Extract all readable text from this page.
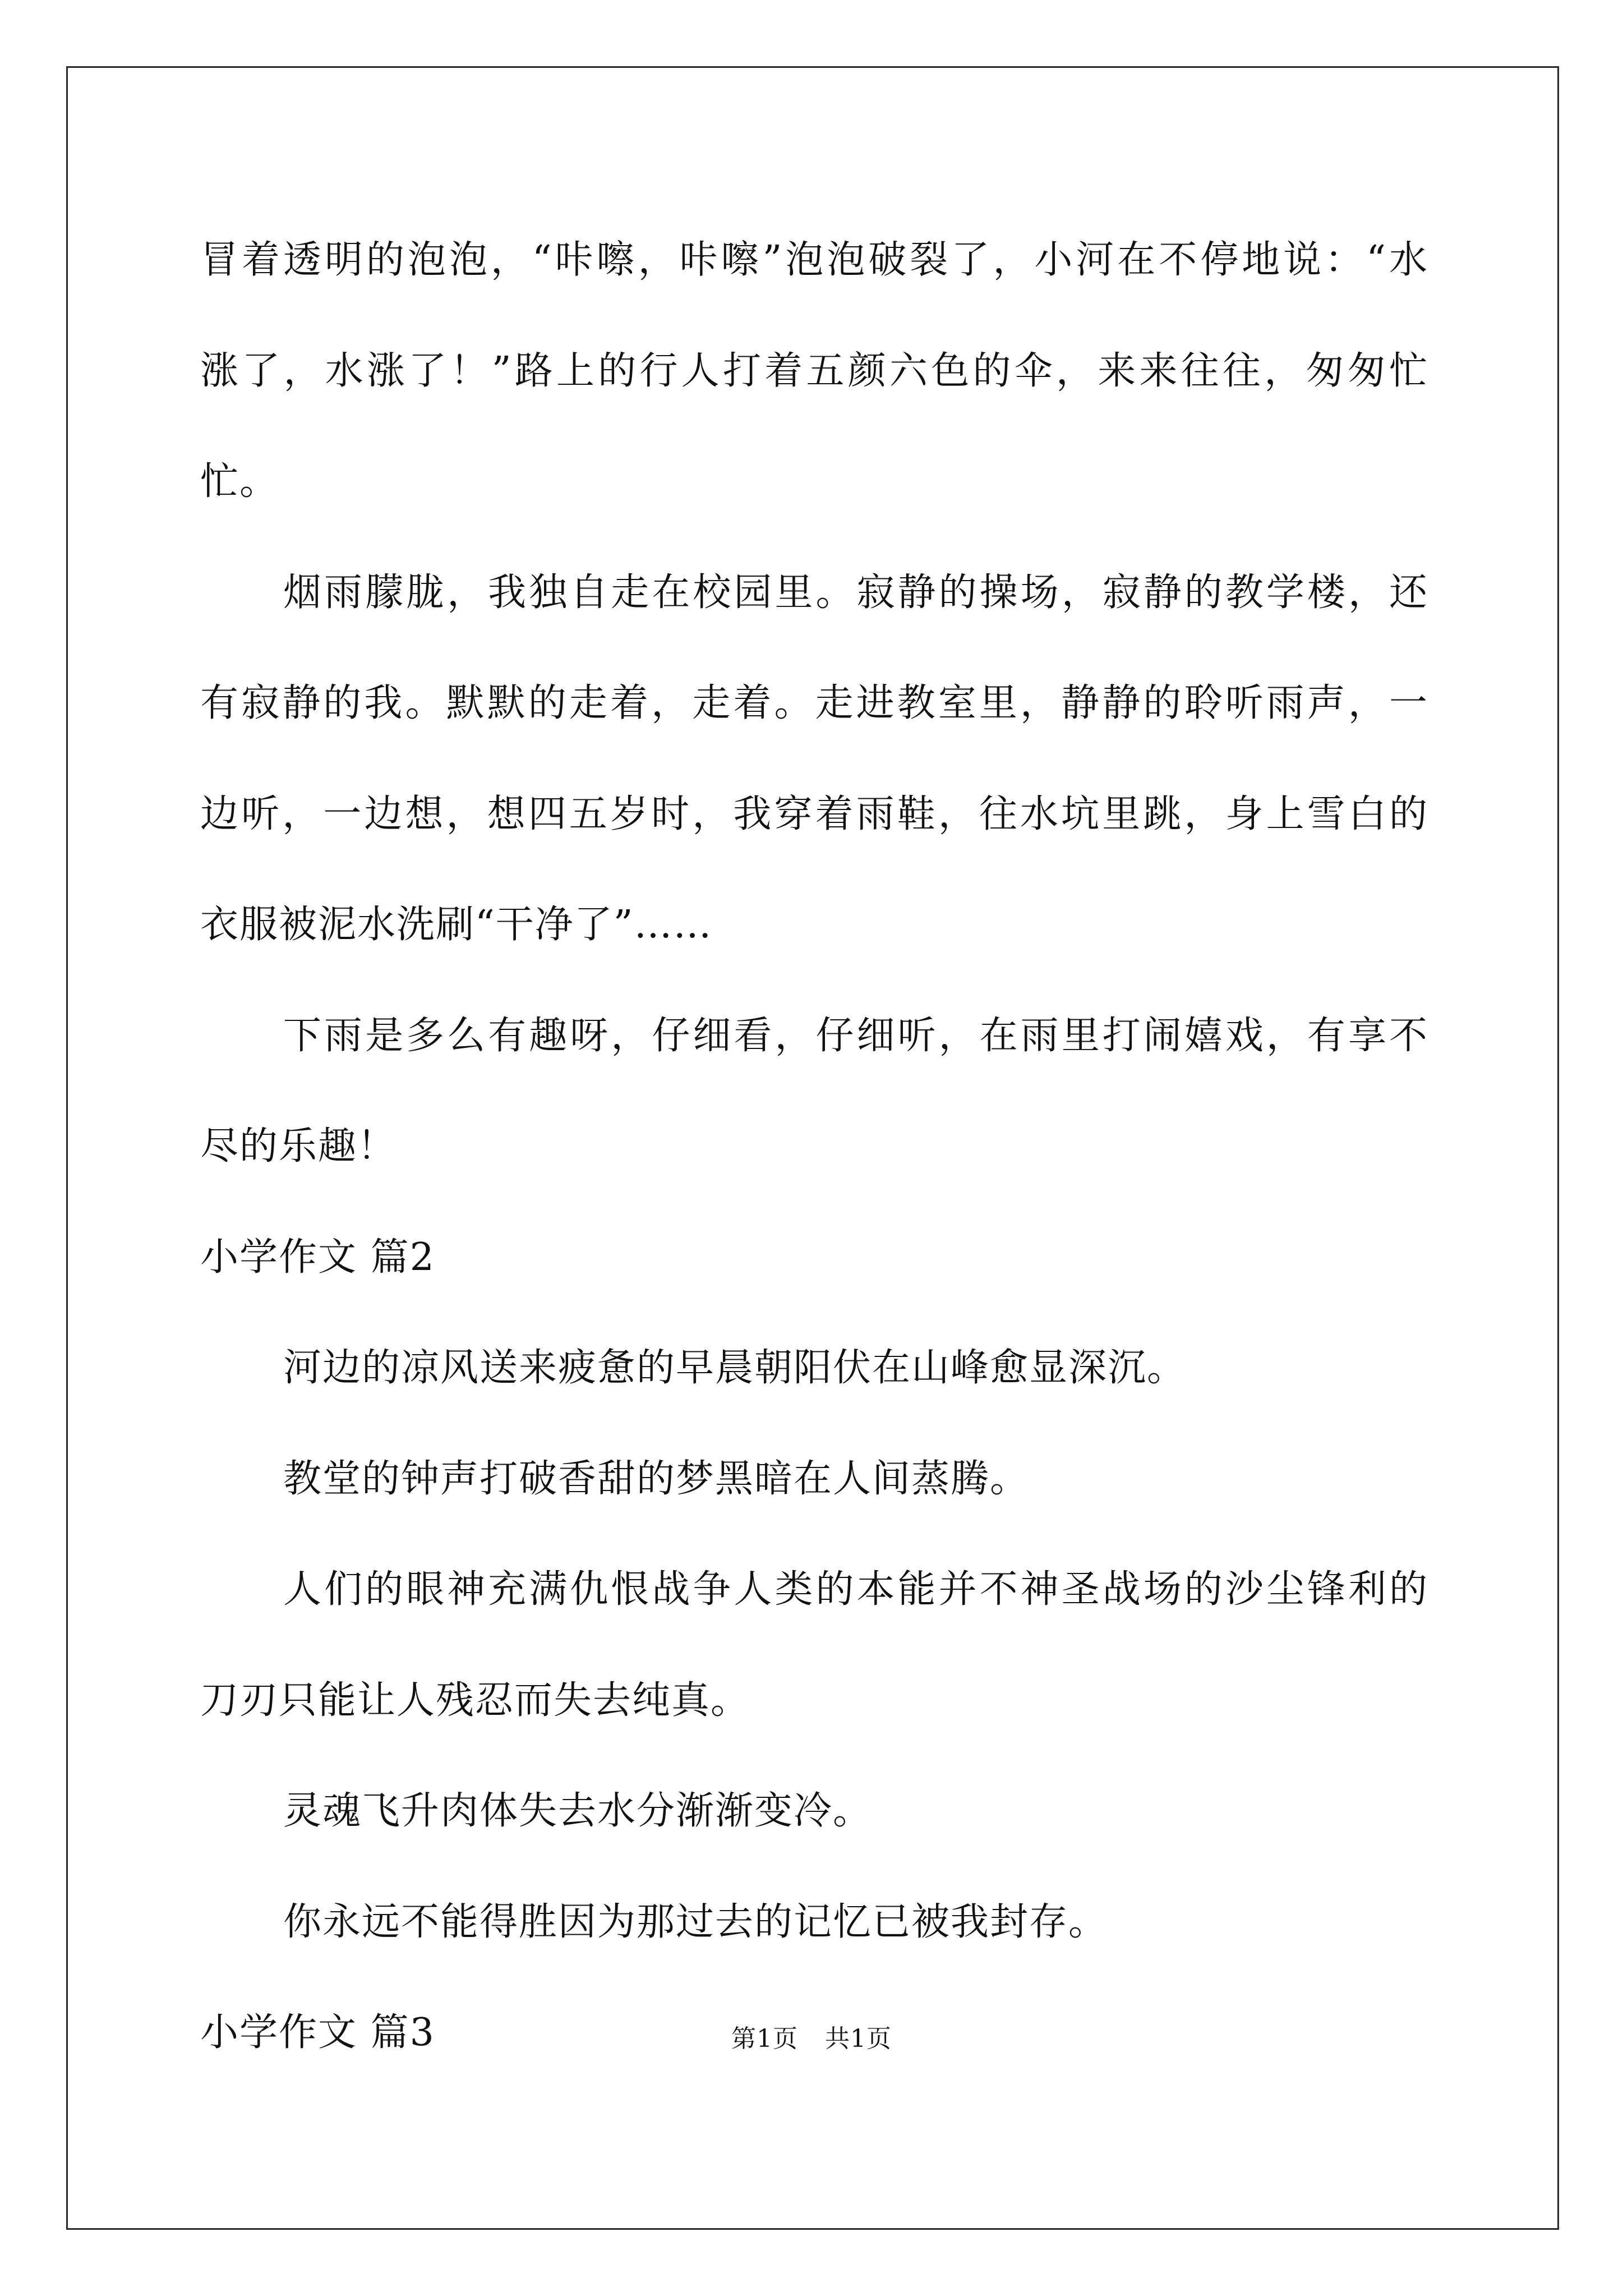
冒着透明的泡泡，“咔嚓，咔嚓”泡泡破裂了，小河在不停地说：“水
涨了，水涨了！”路上的行人打着五颜六色的伞，来来往往，匆匆忙
忙。
烟雨朦胧，我独自走在校园里。寂静的操场，寂静的教学楼，还
有寂静的我。默默的走着，走着。走进教室里，静静的聆听雨声，一
边听，一边想，想四五岁时，我穿着雨鞋，往水坑里跳，身上雪白的
衣服被泥水洗刷“干净了”……
下雨是多么有趣呀，仔细看，仔细听，在雨里打闹嬉戏，有享不
尽的乐趣！
小学作文 篇2
河边的凉风送来疲惫的早晨朝阳伏在山峰愈显深沉。
教堂的钟声打破香甜的梦黑暗在人间蒸腾。
人们的眼神充满仇恨战争人类的本能并不神圣战场的沙尘锋利的
刀刃只能让人残忍而失去纯真。
灵魂飞升肉体失去水分渐渐变冷。
你永远不能得胜因为那过去的记忆已被我封存。
小学作文 篇3	第1页 共1页
